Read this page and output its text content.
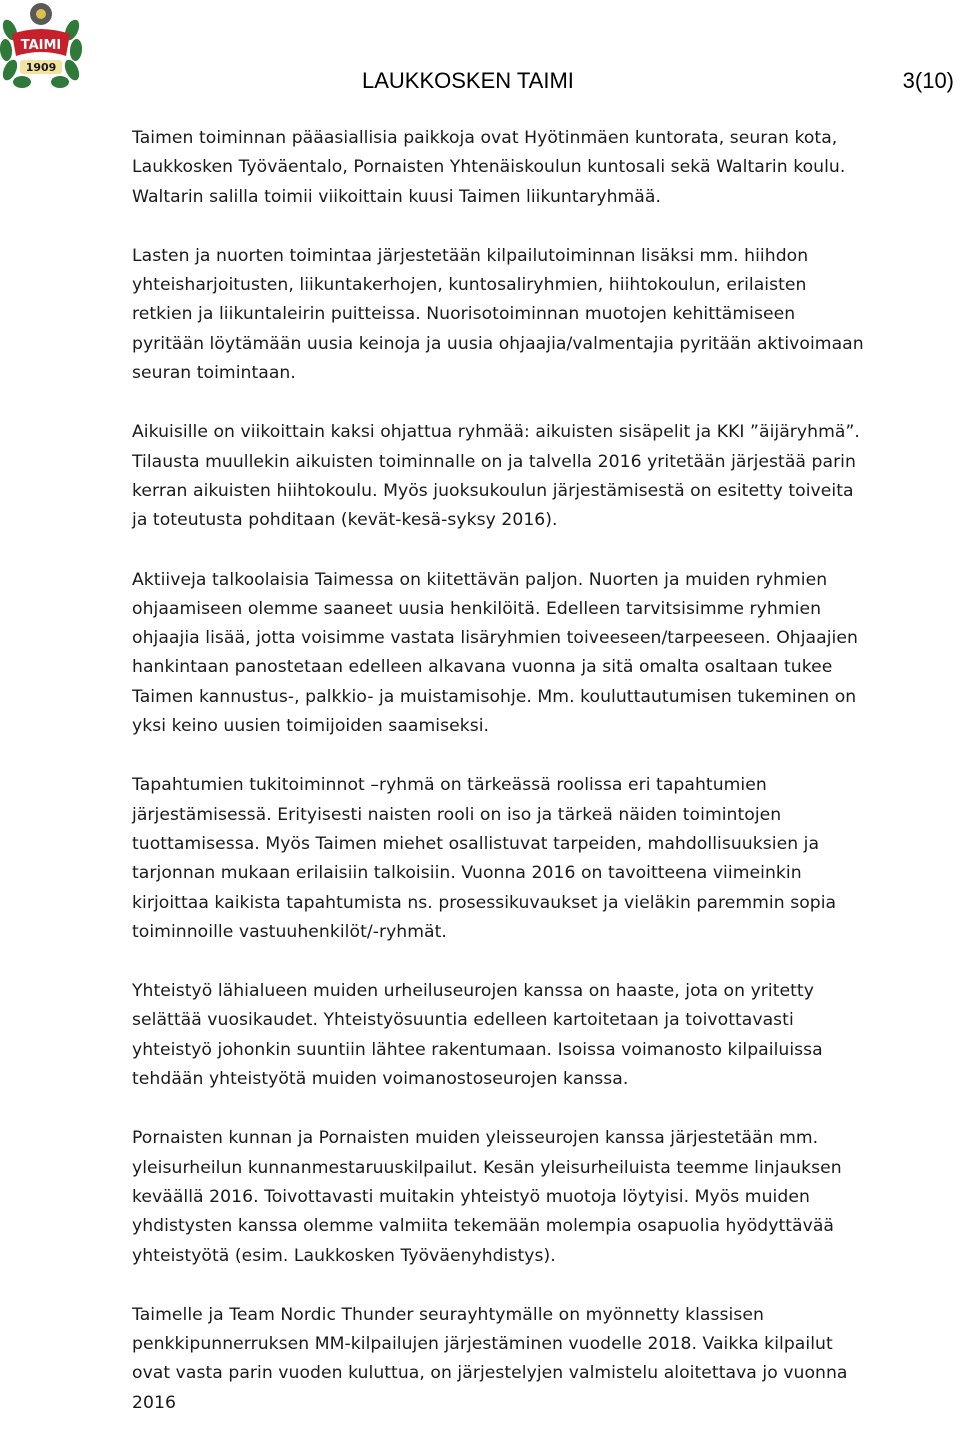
TAIMI
1909
LAUKKOSKEN TAIMI	3(10)

Taimen toiminnan pääasiallisia paikkoja ovat Hyötinmäen kuntorata, seuran kota,
Laukkosken Työväentalo, Pornaisten Yhtenäiskoulun kuntosali sekä Waltarin koulu.
Waltarin salilla toimii viikoittain kuusi Taimen liikuntaryhmää.

Lasten ja nuorten toimintaa järjestetään kilpailutoiminnan lisäksi mm. hiihdon
yhteisharjoitusten, liikuntakerhojen, kuntosaliryhmien, hiihtokoulun, erilaisten
retkien ja liikuntaleirin puitteissa. Nuorisotoiminnan muotojen kehittämiseen
pyritään löytämään uusia keinoja ja uusia ohjaajia/valmentajia pyritään aktivoimaan
seuran toimintaan.

Aikuisille on viikoittain kaksi ohjattua ryhmää: aikuisten sisäpelit ja KKI ”äijäryhmä”.
Tilausta muullekin aikuisten toiminnalle on ja talvella 2016 yritetään järjestää parin
kerran aikuisten hiihtokoulu. Myös juoksukoulun järjestämisestä on esitetty toiveita
ja toteutusta pohditaan (kevät-kesä-syksy 2016).

Aktiiveja talkoolaisia Taimessa on kiitettävän paljon. Nuorten ja muiden ryhmien
ohjaamiseen olemme saaneet uusia henkilöitä. Edelleen tarvitsisimme ryhmien
ohjaajia lisää, jotta voisimme vastata lisäryhmien toiveeseen/tarpeeseen. Ohjaajien
hankintaan panostetaan edelleen alkavana vuonna ja sitä omalta osaltaan tukee
Taimen kannustus-, palkkio- ja muistamisohje. Mm. kouluttautumisen tukeminen on
yksi keino uusien toimijoiden saamiseksi.

Tapahtumien tukitoiminnot –ryhmä on tärkeässä roolissa eri tapahtumien
järjestämisessä. Erityisesti naisten rooli on iso ja tärkeä näiden toimintojen
tuottamisessa. Myös Taimen miehet osallistuvat tarpeiden, mahdollisuuksien ja
tarjonnan mukaan erilaisiin talkoisiin. Vuonna 2016 on tavoitteena viimeinkin
kirjoittaa kaikista tapahtumista ns. prosessikuvaukset ja vieläkin paremmin sopia
toiminnoille vastuuhenkilöt/-ryhmät.

Yhteistyö lähialueen muiden urheiluseurojen kanssa on haaste, jota on yritetty
selättää vuosikaudet. Yhteistyösuuntia edelleen kartoitetaan ja toivottavasti
yhteistyö johonkin suuntiin lähtee rakentumaan. Isoissa voimanosto kilpailuissa
tehdään yhteistyötä muiden voimanostoseurojen kanssa.

Pornaisten kunnan ja Pornaisten muiden yleisseurojen kanssa järjestetään mm.
yleisurheilun kunnanmestaruuskilpailut. Kesän yleisurheiluista teemme linjauksen
keväällä 2016. Toivottavasti muitakin yhteistyö muotoja löytyisi. Myös muiden
yhdistysten kanssa olemme valmiita tekemään molempia osapuolia hyödyttävää
yhteistyötä (esim. Laukkosken Työväenyhdistys).

Taimelle ja Team Nordic Thunder seurayhtymälle on myönnetty klassisen
penkkipunnerruksen MM-kilpailujen järjestäminen vuodelle 2018. Vaikka kilpailut
ovat vasta parin vuoden kuluttua, on järjestelyjen valmistelu aloitettava jo vuonna
2016
